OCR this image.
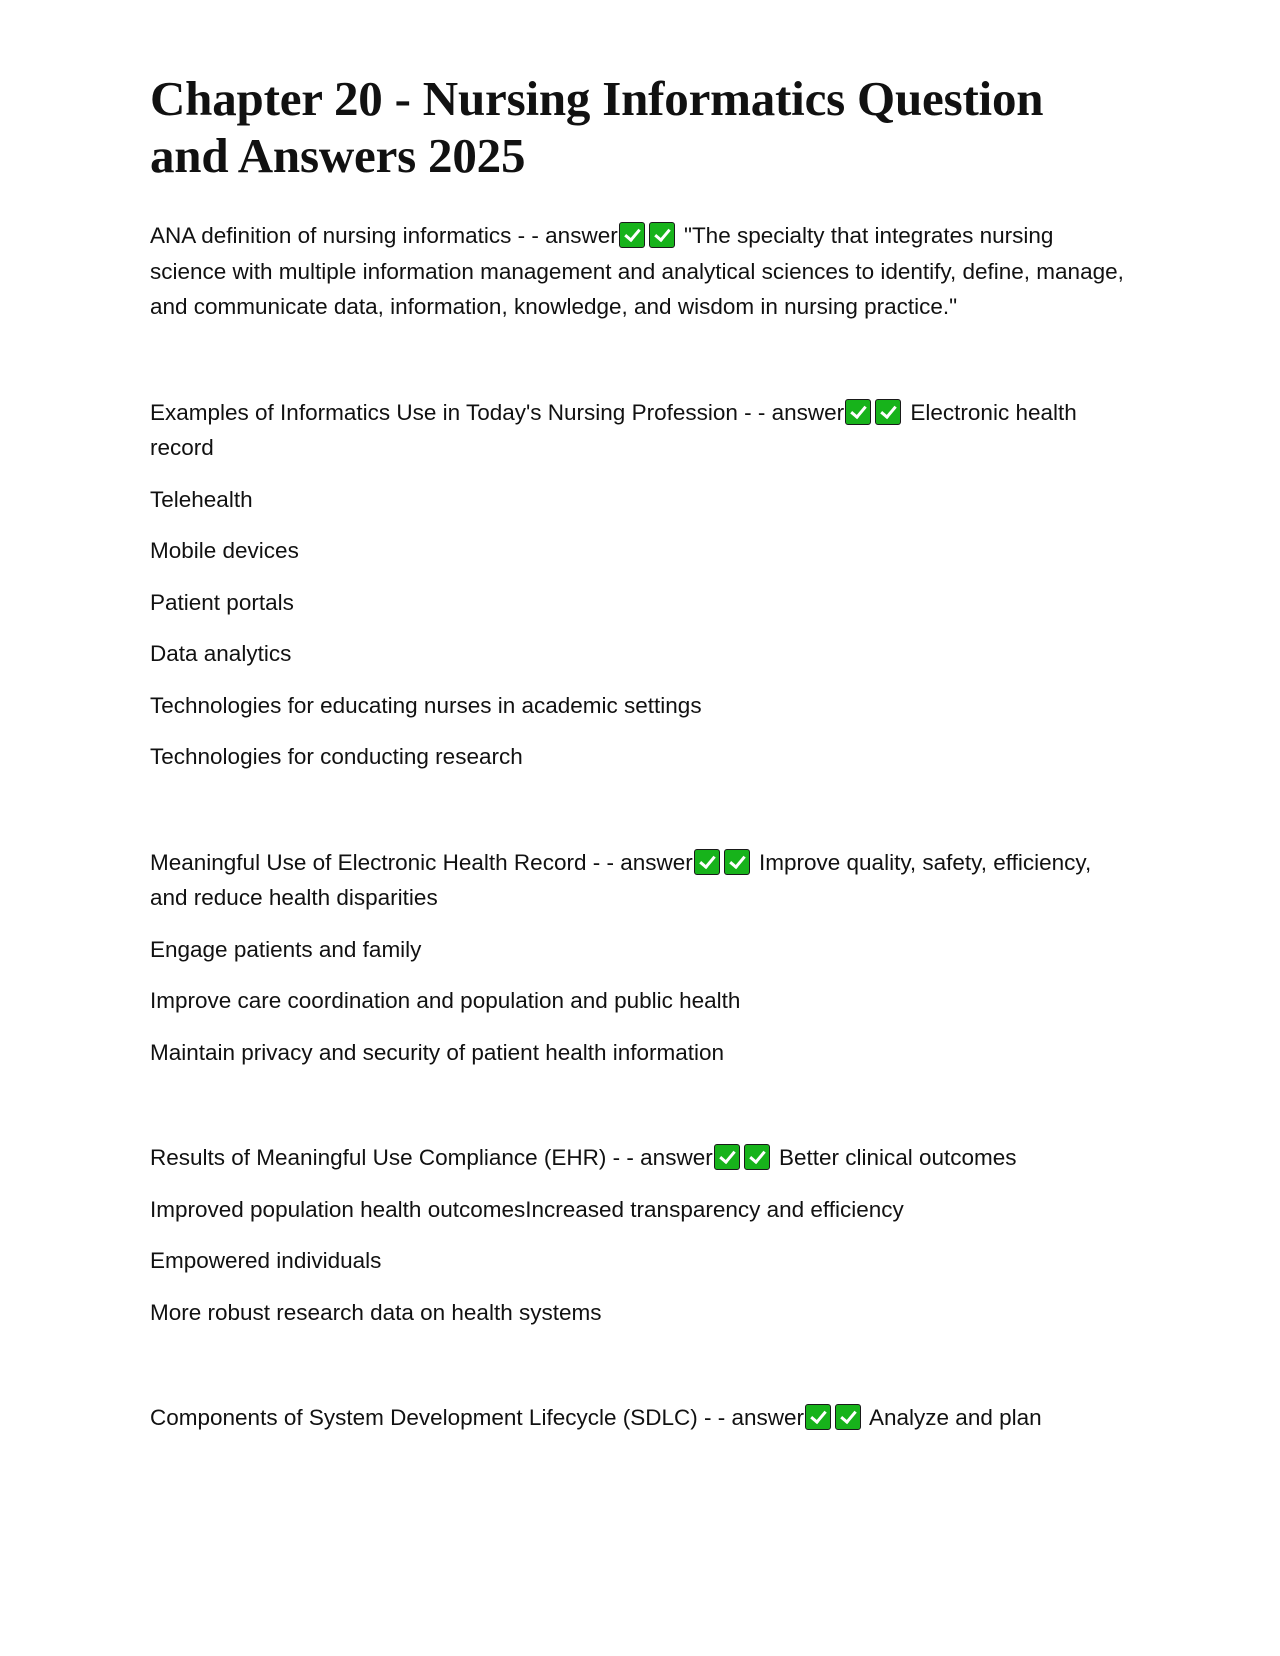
Chapter 20 - Nursing Informatics Question and Answers 2025

ANA definition of nursing informatics - - answer	"The specialty that integrates nursing science with multiple information management and analytical sciences to identify, define, manage, and communicate data, information, knowledge, and wisdom in nursing practice."

Examples of Informatics Use in Today's Nursing Profession - - answer	Electronic health record

Telehealth

Mobile devices

Patient portals

Data analytics

Technologies for educating nurses in academic settings

Technologies for conducting research

Meaningful Use of Electronic Health Record - - answer	Improve quality, safety, efficiency, and reduce health disparities

Engage patients and family

Improve care coordination and population and public health

Maintain privacy and security of patient health information

Results of Meaningful Use Compliance (EHR) - - answer	Better clinical outcomes

Improved population health outcomesIncreased transparency and efficiency

Empowered individuals

More robust research data on health systems

Components of System Development Lifecycle (SDLC) - - answer	Analyze and plan
